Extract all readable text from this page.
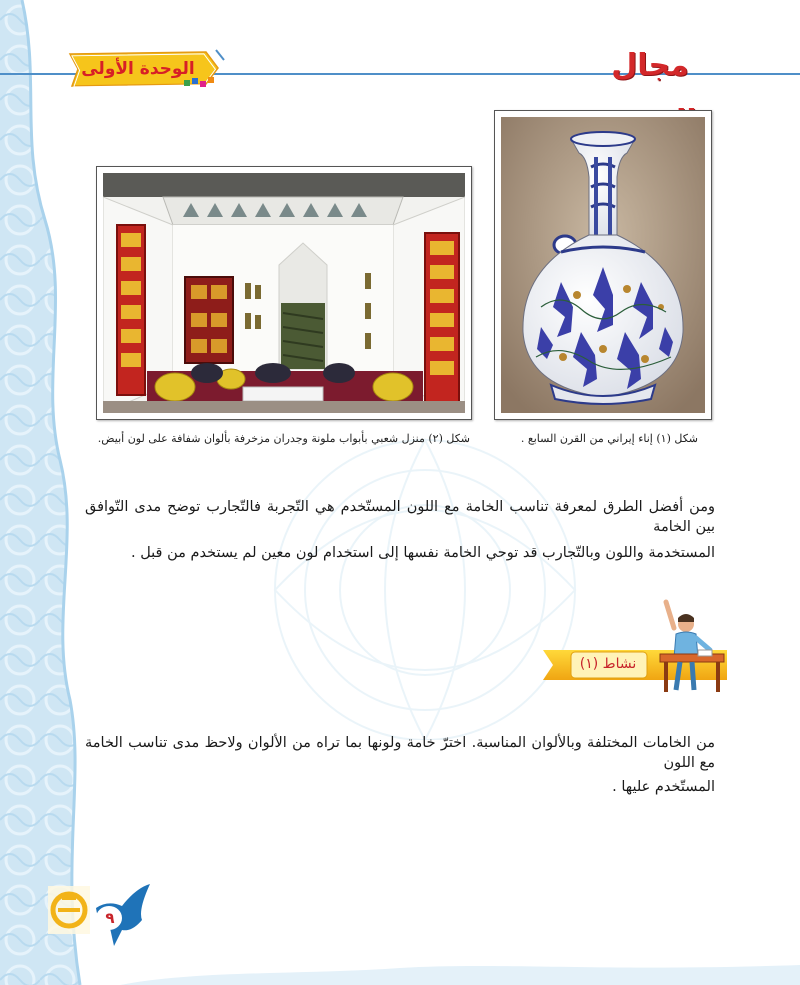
الوحدة الأولى	مجال
شكل (١) إناء إيراني من القرن السابع .
شكل (٢) منزل شعبي بأبواب ملونة وجدران مزخرفة بألوان شفافة على لون أبيض.
ومن أفضل الطرق لمعرفة تناسب الخامة مع اللون المستّخدم هي التّجربة فالتّجارب توضح مدى التّوافق بين الخامة
المستخدمة واللون وبالتّجارب قد توحي الخامة نفسها إلى استخدام لون معين لم يستخدم من قبل .
نشاط (١)
من الخامات المختلفة وبالألوان المناسبة. اخترّ خامة ولونها بما تراه من الألوان ولاحظ مدى تناسب الخامة مع اللون
المستّخدم عليها .
٩
